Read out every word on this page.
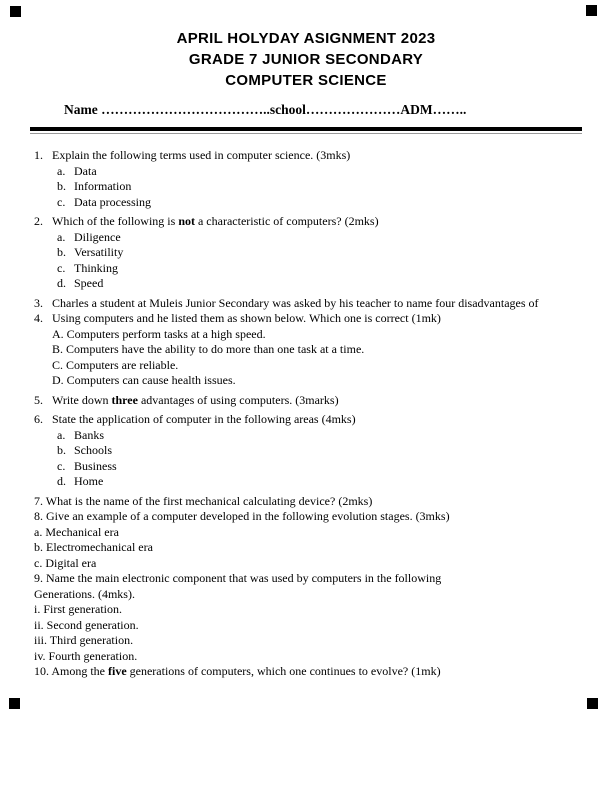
APRIL HOLYDAY ASIGNMENT 2023
GRADE 7 JUNIOR SECONDARY
COMPUTER SCIENCE
Name ………………………………..school…………………ADM……..
1. Explain the following terms used in computer science. (3mks)
a. Data
b. Information
c. Data processing
2. Which of the following is not a characteristic of computers? (2mks)
a. Diligence
b. Versatility
c. Thinking
d. Speed
3. Charles a student at Muleis Junior Secondary was asked by his teacher to name four disadvantages of
4. Using computers and he listed them as shown below. Which one is correct (1mk)
A. Computers perform tasks at a high speed.
B. Computers have the ability to do more than one task at a time.
C. Computers are reliable.
D. Computers can cause health issues.
5. Write down three advantages of using computers. (3marks)
6. State the application of computer in the following areas (4mks)
a. Banks
b. Schools
c. Business
d. Home
7. What is the name of the first mechanical calculating device? (2mks)
8. Give an example of a computer developed in the following evolution stages. (3mks)
a. Mechanical era
b. Electromechanical era
c. Digital era
9. Name the main electronic component that was used by computers in the following
Generations. (4mks).
i. First generation.
ii. Second generation.
iii. Third generation.
iv. Fourth generation.
10. Among the five generations of computers, which one continues to evolve? (1mk)
